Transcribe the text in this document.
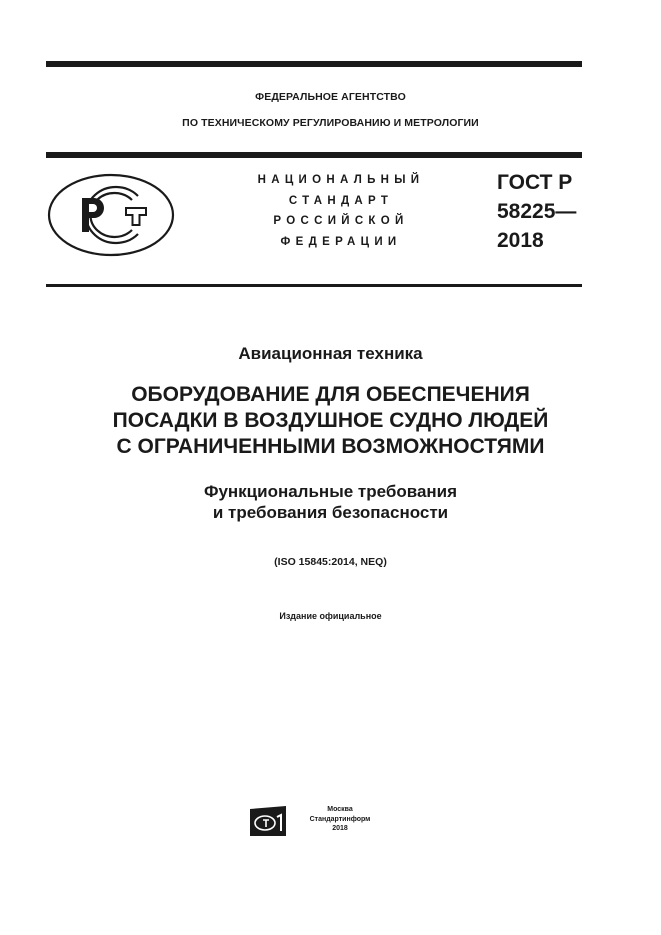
ФЕДЕРАЛЬНОЕ АГЕНТСТВО
ПО ТЕХНИЧЕСКОМУ РЕГУЛИРОВАНИЮ И МЕТРОЛОГИИ
НАЦИОНАЛЬНЫЙ
СТАНДАРТ
РОССИЙСКОЙ
ФЕДЕРАЦИИ
ГОСТ Р
58225—
2018
Авиационная техника
ОБОРУДОВАНИЕ ДЛЯ ОБЕСПЕЧЕНИЯ
ПОСАДКИ В ВОЗДУШНОЕ СУДНО ЛЮДЕЙ
С ОГРАНИЧЕННЫМИ ВОЗМОЖНОСТЯМИ
Функциональные требования
и требования безопасности
(ISO 15845:2014, NEQ)
Издание официальное
Москва
Стандартинформ
2018
